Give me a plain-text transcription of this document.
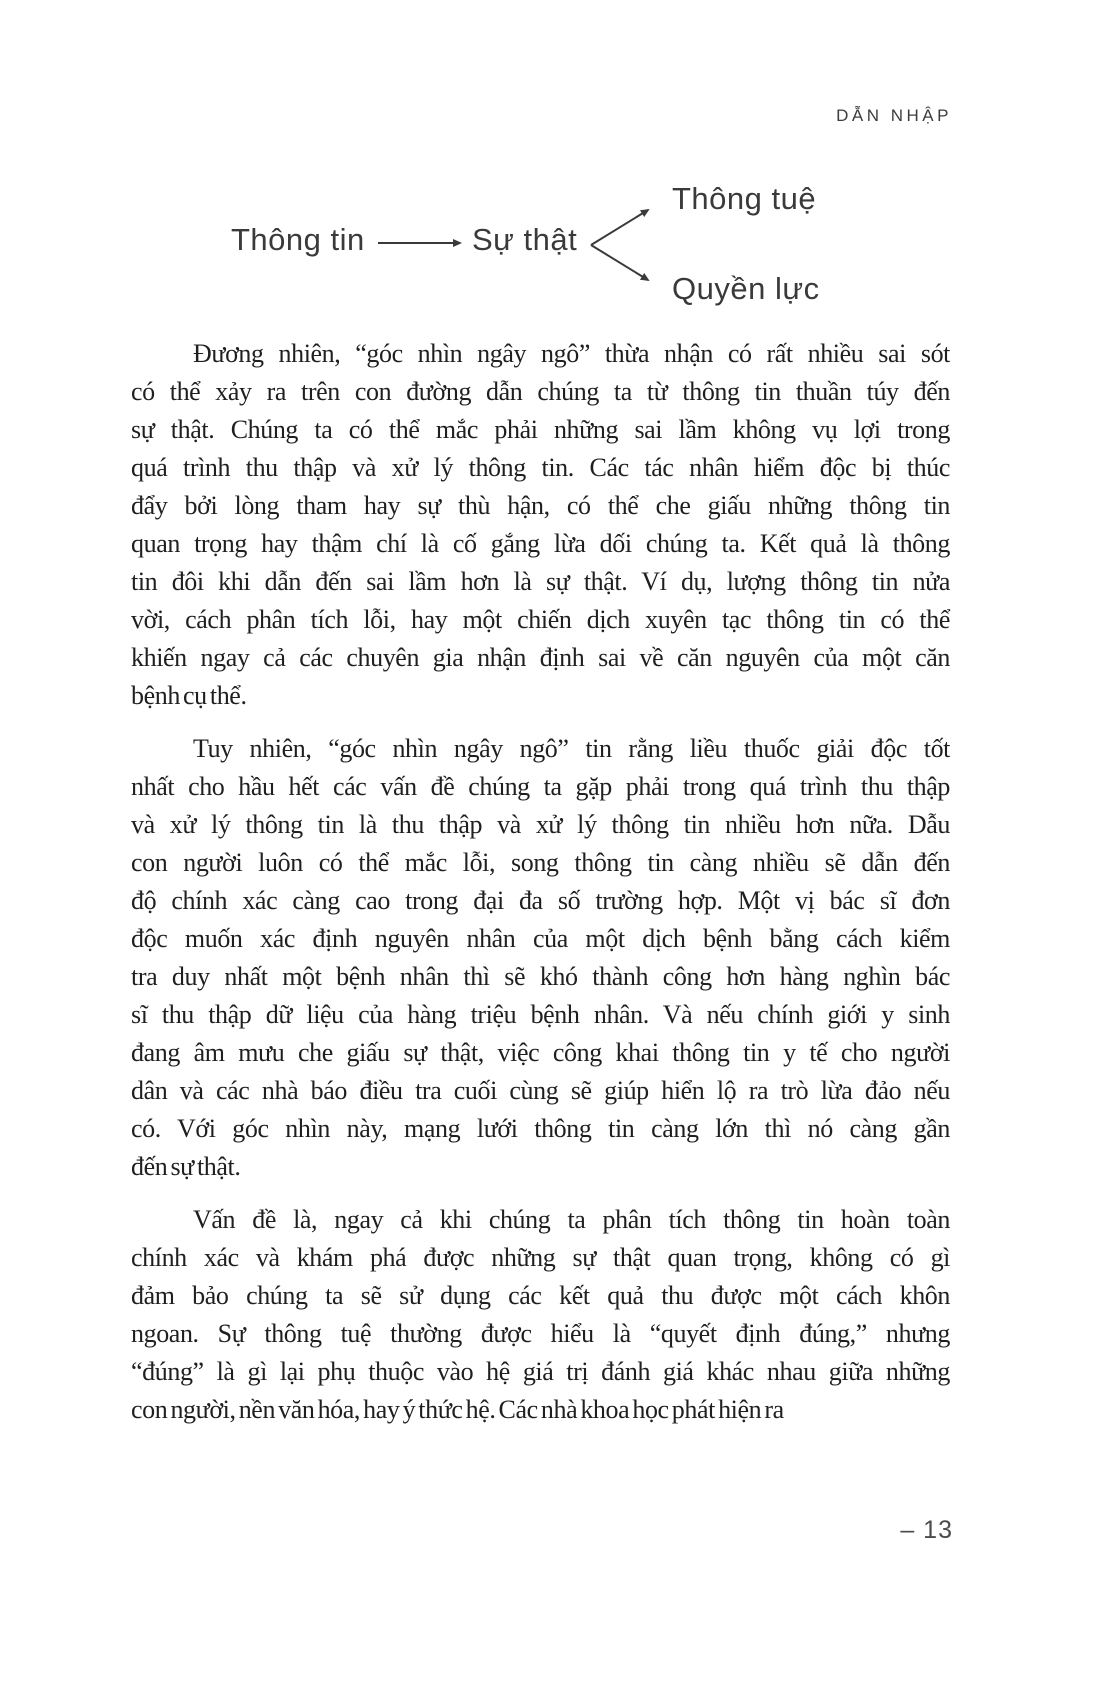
DẪN NHẬP
Thông tin	Sự thật
Thông tuệ
Quyền lực
Đương nhiên, “góc nhìn ngây ngô” thừa nhận có rất nhiều sai sót
có thể xảy ra trên con đường dẫn chúng ta từ thông tin thuần túy đến
sự thật. Chúng ta có thể mắc phải những sai lầm không vụ lợi trong
quá trình thu thập và xử lý thông tin. Các tác nhân hiểm độc bị thúc
đẩy bởi lòng tham hay sự thù hận, có thể che giấu những thông tin
quan trọng hay thậm chí là cố gắng lừa dối chúng ta. Kết quả là thông
tin đôi khi dẫn đến sai lầm hơn là sự thật. Ví dụ, lượng thông tin nửa
vời, cách phân tích lỗi, hay một chiến dịch xuyên tạc thông tin có thể
khiến ngay cả các chuyên gia nhận định sai về căn nguyên của một căn
bệnh cụ thể.
Tuy nhiên, “góc nhìn ngây ngô” tin rằng liều thuốc giải độc tốt
nhất cho hầu hết các vấn đề chúng ta gặp phải trong quá trình thu thập
và xử lý thông tin là thu thập và xử lý thông tin nhiều hơn nữa. Dẫu
con người luôn có thể mắc lỗi, song thông tin càng nhiều sẽ dẫn đến
độ chính xác càng cao trong đại đa số trường hợp. Một vị bác sĩ đơn
độc muốn xác định nguyên nhân của một dịch bệnh bằng cách kiểm
tra duy nhất một bệnh nhân thì sẽ khó thành công hơn hàng nghìn bác
sĩ thu thập dữ liệu của hàng triệu bệnh nhân. Và nếu chính giới y sinh
đang âm mưu che giấu sự thật, việc công khai thông tin y tế cho người
dân và các nhà báo điều tra cuối cùng sẽ giúp hiển lộ ra trò lừa đảo nếu
có. Với góc nhìn này, mạng lưới thông tin càng lớn thì nó càng gần
đến sự thật.
Vấn đề là, ngay cả khi chúng ta phân tích thông tin hoàn toàn
chính xác và khám phá được những sự thật quan trọng, không có gì
đảm bảo chúng ta sẽ sử dụng các kết quả thu được một cách khôn
ngoan. Sự thông tuệ thường được hiểu là “quyết định đúng,” nhưng
“đúng” là gì lại phụ thuộc vào hệ giá trị đánh giá khác nhau giữa những
con người, nền văn hóa, hay ý thức hệ. Các nhà khoa học phát hiện ra
– 13
